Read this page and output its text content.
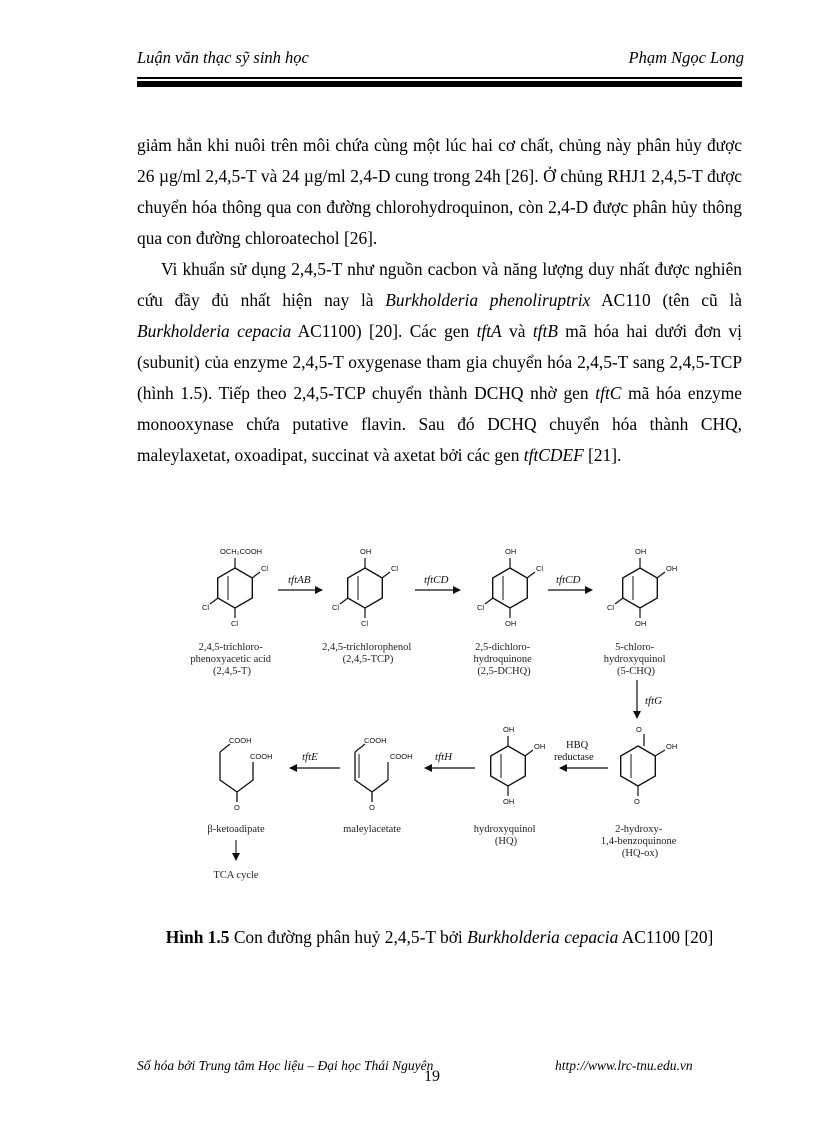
Luận văn thạc sỹ sinh học	Phạm Ngọc Long

giảm hẳn khi nuôi trên môi chứa cùng một lúc hai cơ chất, chủng này phân hủy được 26 µg/ml 2,4,5-T và 24 µg/ml 2,4-D cung trong 24h [26]. Ở chủng RHJ1 2,4,5-T được chuyển hóa thông qua con đường chlorohydroquinon, còn 2,4-D được phân hủy thông qua con đường chloroatechol [26].

Vi khuẩn sử dụng 2,4,5-T như nguồn cacbon và năng lượng duy nhất được nghiên cứu đầy đủ nhất hiện nay là Burkholderia phenoliruptrix AC110 (tên cũ là Burkholderia cepacia AC1100) [20]. Các gen tftA và tftB mã hóa hai dưới đơn vị (subunit) của enzyme 2,4,5-T oxygenase tham gia chuyển hóa 2,4,5-T sang 2,4,5-TCP (hình 1.5). Tiếp theo 2,4,5-TCP chuyển thành DCHQ nhờ gen tftC mã hóa enzyme monooxynase chứa putative flavin. Sau đó DCHQ chuyển hóa thành CHQ, maleylaxetat, oxoadipat, succinat và axetat bởi các gen tftCDEF [21].

OCH₂COOH
Cl
Cl
Cl
OH
Cl
Cl
Cl
OH
Cl
Cl
OH
OH
OH
Cl
OH
tftAB	tftCD	tftCD
2,4,5-trichloro- phenoxyacetic acid (2,4,5-T)
2,4,5-trichlorophenol (2,4,5-TCP)
2,5-dichloro- hydroquinone (2,5-DCHQ)
5-chloro- hydroxyquinol (5-CHQ)
tftG
O
OH
O
OH
OH
OH
COOH
COOH
O
COOH
COOH
O
HBQ reductase
tftH
tftE
2-hydroxy- 1,4-benzoquinone (HQ-ox)
hydroxyquinol (HQ)
maleylacetate
β-ketoadipate
TCA cycle
Hình 1.5 Con đường phân huỷ 2,4,5-T bởi Burkholderia cepacia AC1100 [20]
Số hóa bởi Trung tâm Học liệu – Đại học Thái Nguyên	http://www.lrc-tnu.edu.vn
19
